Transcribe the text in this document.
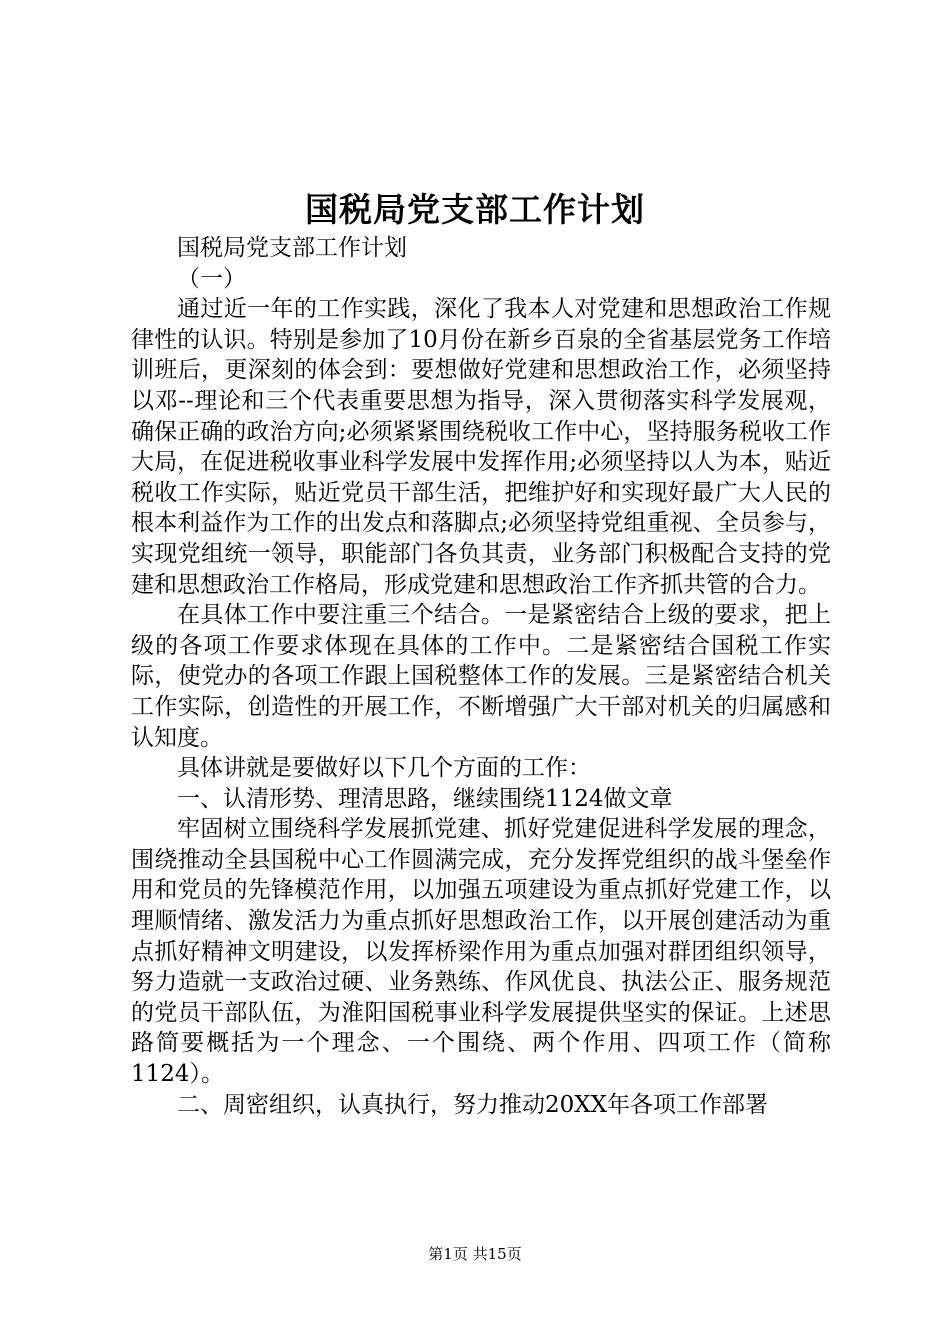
国税局党支部工作计划

国税局党支部工作计划

（一）

通过近一年的工作实践，深化了我本人对党建和思想政治工作规律性的认识。特别是参加了10月份在新乡百泉的全省基层党务工作培训班后，更深刻的体会到：要想做好党建和思想政治工作，必须坚持以邓--理论和三个代表重要思想为指导，深入贯彻落实科学发展观，确保正确的政治方向;必须紧紧围绕税收工作中心，坚持服务税收工作大局，在促进税收事业科学发展中发挥作用;必须坚持以人为本，贴近税收工作实际，贴近党员干部生活，把维护好和实现好最广大人民的根本利益作为工作的出发点和落脚点;必须坚持党组重视、全员参与，实现党组统一领导，职能部门各负其责，业务部门积极配合支持的党建和思想政治工作格局，形成党建和思想政治工作齐抓共管的合力。

在具体工作中要注重三个结合。一是紧密结合上级的要求，把上级的各项工作要求体现在具体的工作中。二是紧密结合国税工作实际，使党办的各项工作跟上国税整体工作的发展。三是紧密结合机关工作实际，创造性的开展工作，不断增强广大干部对机关的归属感和认知度。

具体讲就是要做好以下几个方面的工作：

一、认清形势、理清思路，继续围绕1124做文章

牢固树立围绕科学发展抓党建、抓好党建促进科学发展的理念，围绕推动全县国税中心工作圆满完成，充分发挥党组织的战斗堡垒作用和党员的先锋模范作用，以加强五项建设为重点抓好党建工作，以理顺情绪、激发活力为重点抓好思想政治工作，以开展创建活动为重点抓好精神文明建设，以发挥桥梁作用为重点加强对群团组织领导，努力造就一支政治过硬、业务熟练、作风优良、执法公正、服务规范的党员干部队伍，为淮阳国税事业科学发展提供坚实的保证。上述思路简要概括为一个理念、一个围绕、两个作用、四项工作（简称1124）。

二、周密组织，认真执行，努力推动20XX年各项工作部署

第1页 共15页
